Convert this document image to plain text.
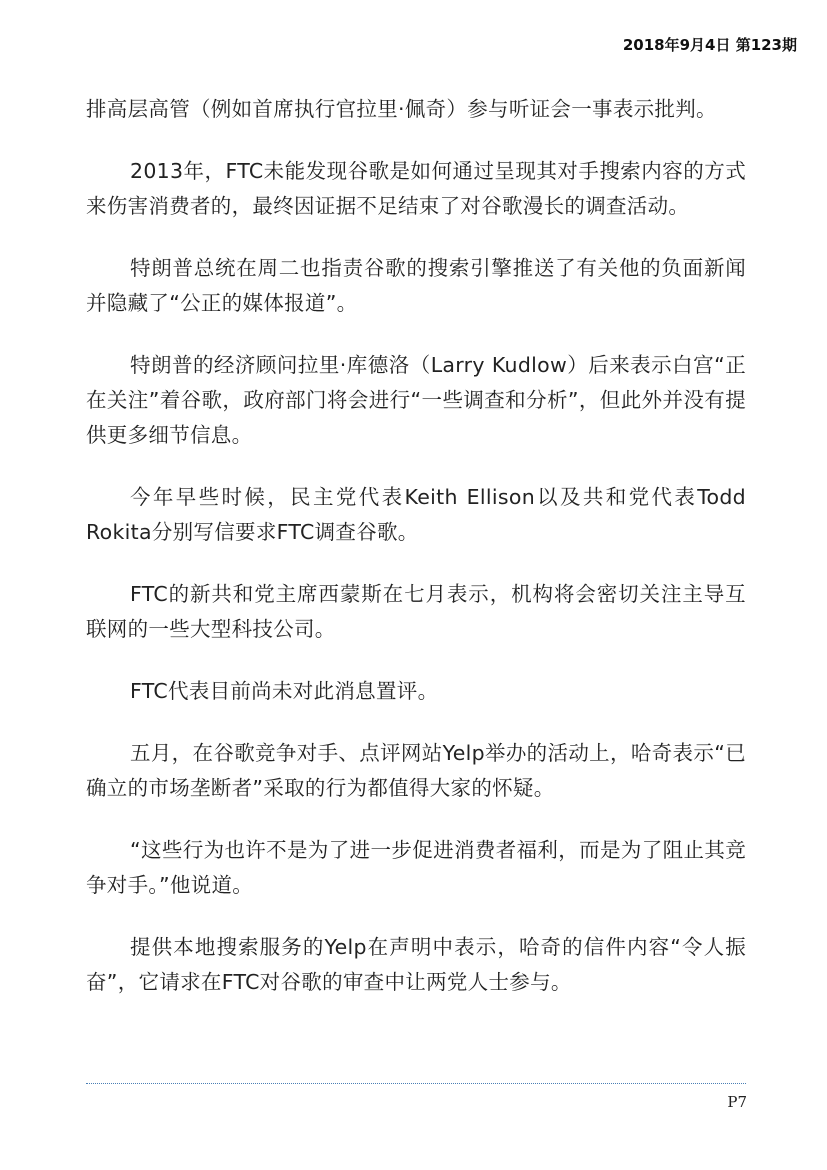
2018年9月4日 第123期

排高层高管（例如首席执行官拉里·佩奇）参与听证会一事表示批判。

2013年，FTC未能发现谷歌是如何通过呈现其对手搜索内容的方式来伤害消费者的，最终因证据不足结束了对谷歌漫长的调查活动。

特朗普总统在周二也指责谷歌的搜索引擎推送了有关他的负面新闻并隐藏了“公正的媒体报道”。

特朗普的经济顾问拉里·库德洛（Larry Kudlow）后来表示白宫“正在关注”着谷歌，政府部门将会进行“一些调查和分析”，但此外并没有提供更多细节信息。

今年早些时候，民主党代表Keith Ellison以及共和党代表Todd Rokita分别写信要求FTC调查谷歌。

FTC的新共和党主席西蒙斯在七月表示，机构将会密切关注主导互联网的一些大型科技公司。

FTC代表目前尚未对此消息置评。

五月，在谷歌竞争对手、点评网站Yelp举办的活动上，哈奇表示“已确立的市场垄断者”采取的行为都值得大家的怀疑。

“这些行为也许不是为了进一步促进消费者福利，而是为了阻止其竞争对手。”他说道。

提供本地搜索服务的Yelp在声明中表示，哈奇的信件内容“令人振奋”，它请求在FTC对谷歌的审查中让两党人士参与。

P7
